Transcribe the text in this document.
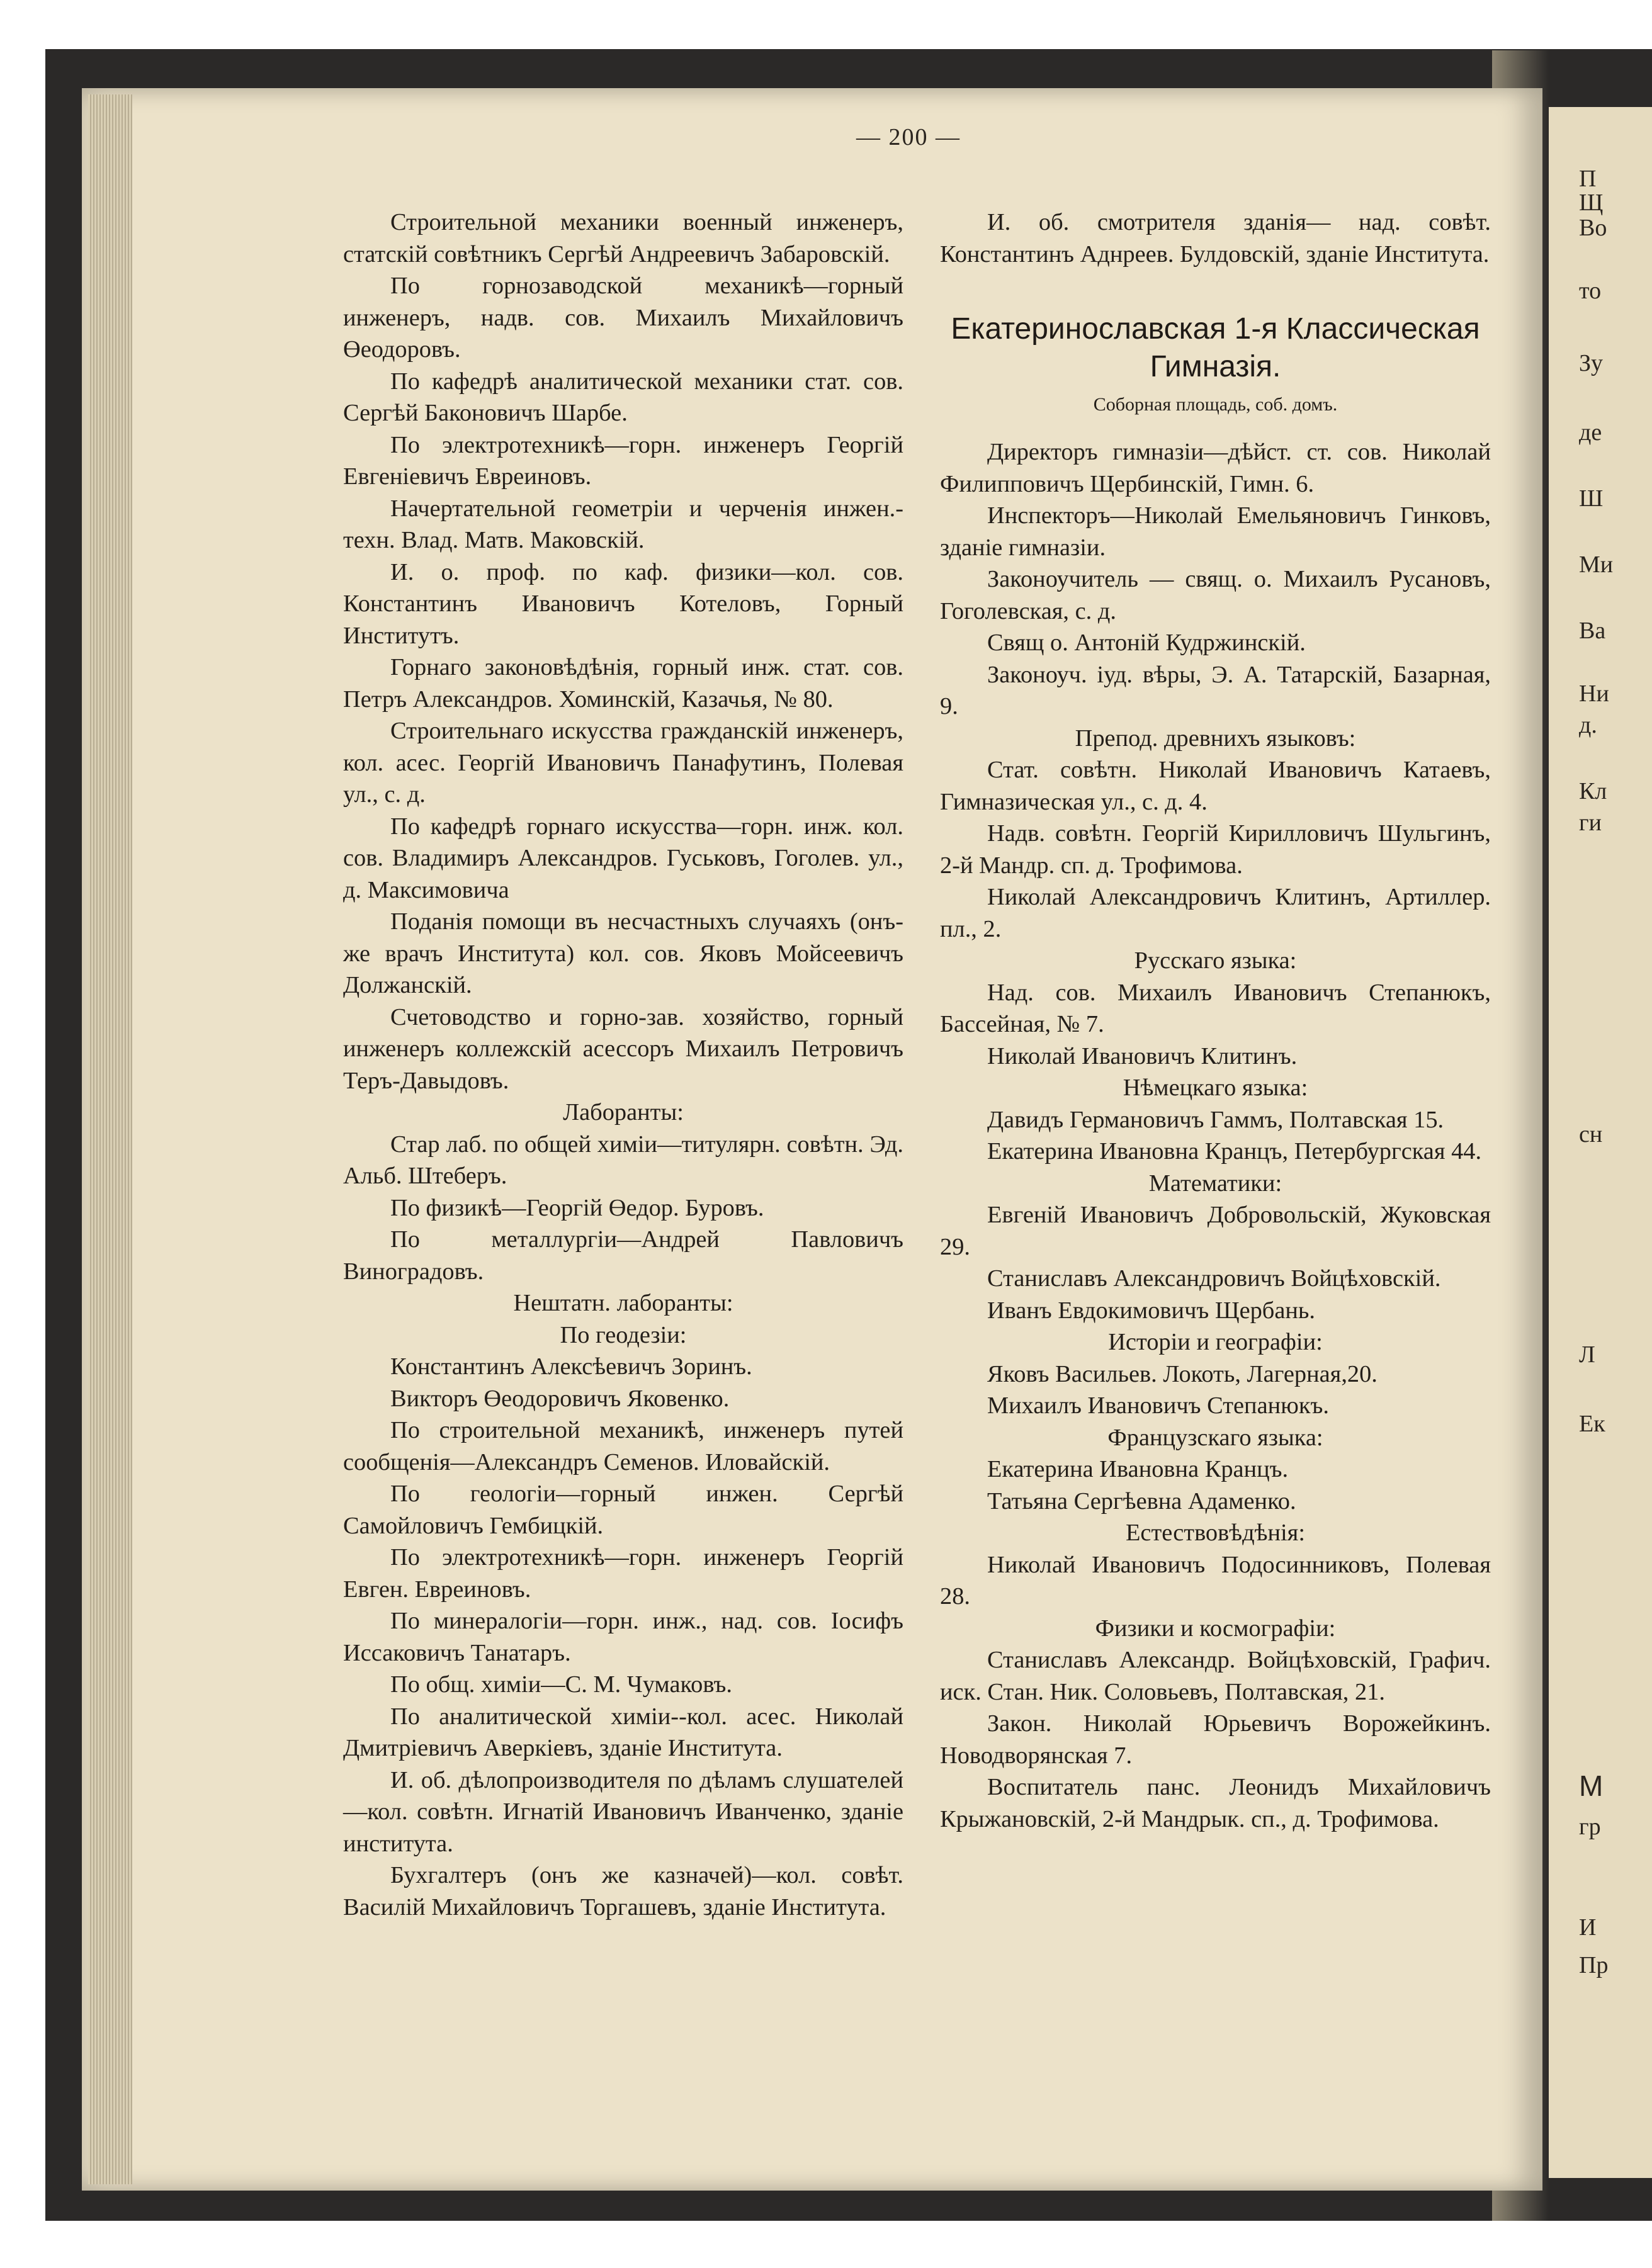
П
Щ
Во
то
Зу
де
Ш
Ми
Ва
Ни
д.
Кл
ги
сн
Л
Ек
М
гр
И
Пр
— 200 —

Строительной механики военный инженеръ, статскій совѣтникъ Сергѣй Андреевичъ Забаровскій.

По горнозаводской механикѣ—горный инженеръ, надв. сов. Михаилъ Михайловичъ Өеодоровъ.

По кафедрѣ аналитической механики стат. сов. Сергѣй Баконовичъ Шарбе.

По электротехникѣ—горн. инженеръ Георгій Евгеніевичъ Евреиновъ.

Начертательной геометріи и черченія инжен.-техн. Влад. Матв. Маковскій.

И. о. проф. по каф. физики—кол. сов. Константинъ Ивановичъ Котеловъ, Горный Институтъ.

Горнаго законовѣдѣнія, горный инж. стат. сов. Петръ Александров. Хоминскій, Казачья, № 80.

Строительнаго искусства гражданскій инженеръ, кол. асес. Георгій Ивановичъ Панафутинъ, Полевая ул., с. д.

По кафедрѣ горнаго искусства—горн. инж. кол. сов. Владимиръ Александров. Гуськовъ, Гоголев. ул., д. Максимовича

Поданія помощи въ несчастныхъ случаяхъ (онъ-же врачъ Института) кол. сов. Яковъ Мойсеевичъ Должанскій.

Счетоводство и горно-зав. хозяйство, горный инженеръ коллежскій асессоръ Михаилъ Петровичъ Теръ-Давыдовъ.

Лаборанты:

Стар лаб. по общей химіи—титулярн. совѣтн. Эд. Альб. Штеберъ.

По физикѣ—Георгій Өедор. Буровъ.

По металлургіи—Андрей Павловичъ Виноградовъ.

Нештатн. лаборанты:

По геодезіи:

Константинъ Алексѣевичъ Зоринъ.

Викторъ Өеодоровичъ Яковенко.

По строительной механикѣ, инженеръ путей сообщенія—Александръ Семенов. Иловайскій.

По геологіи—горный инжен. Сергѣй Самойловичъ Гембицкій.

По электротехникѣ—горн. инженеръ Георгій Евген. Евреиновъ.

По минералогіи—горн. инж., над. сов. Іосифъ Иссаковичъ Танатаръ.

По общ. химіи—С. М. Чумаковъ.

По аналитической химіи--кол. асес. Николай Дмитріевичъ Аверкіевъ, зданіе Института.

И. об. дѣлопроизводителя по дѣламъ слушателей—кол. совѣтн. Игнатій Ивановичъ Иванченко, зданіе института.

Бухгалтеръ (онъ же казначей)—кол. совѣт. Василій Михайловичъ Торгашевъ, зданіе Института.

И. об. смотрителя зданія— над. совѣт. Константинъ Аднреев. Булдовскій, зданіе Института.

Екатеринославская 1-я Классическая Гимназія.

Соборная площадь, соб. домъ.

Директоръ гимназіи—дѣйст. ст. сов. Николай Филипповичъ Щербинскій, Гимн. 6.

Инспекторъ—Николай Емельяновичъ Гинковъ, зданіе гимназіи.

Законоучитель — свящ. о. Михаилъ Русановъ, Гоголевская, с. д.

Свящ о. Антоній Кудржинскій.

Законоуч. іуд. вѣры, Э. А. Татарскій, Базарная, 9.

Препод. древнихъ языковъ:

Стат. совѣтн. Николай Ивановичъ Катаевъ, Гимназическая ул., с. д. 4.

Надв. совѣтн. Георгій Кирилловичъ Шульгинъ, 2-й Мандр. сп. д. Трофимова.

Николай Александровичъ Клитинъ, Артиллер. пл., 2.

Русскаго языка:

Над. сов. Михаилъ Ивановичъ Степанюкъ, Бассейная, № 7.

Николай Ивановичъ Клитинъ.

Нѣмецкаго языка:

Давидъ Германовичъ Гаммъ, Полтавская 15.

Екатерина Ивановна Кранцъ, Петербургская 44.

Математики:

Евгеній Ивановичъ Добровольскій, Жуковская 29.

Станиславъ Александровичъ Войцѣховскій.

Иванъ Евдокимовичъ Щербань.

Исторіи и географіи:

Яковъ Васильев. Локоть, Лагерная,20.

Михаилъ Ивановичъ Степанюкъ.

Французскаго языка:

Екатерина Ивановна Кранцъ.

Татьяна Сергѣевна Адаменко.

Естествовѣдѣнія:

Николай Ивановичъ Подосинниковъ, Полевая 28.

Физики и космографіи:

Станиславъ Александр. Войцѣховскій, Графич. иск. Стан. Ник. Соловьевъ, Полтавская, 21.

Закон. Николай Юрьевичъ Ворожейкинъ. Новодворянская 7.

Воспитатель панс. Леонидъ Михайловичъ Крыжановскій, 2-й Мандрык. сп., д. Трофимова.
